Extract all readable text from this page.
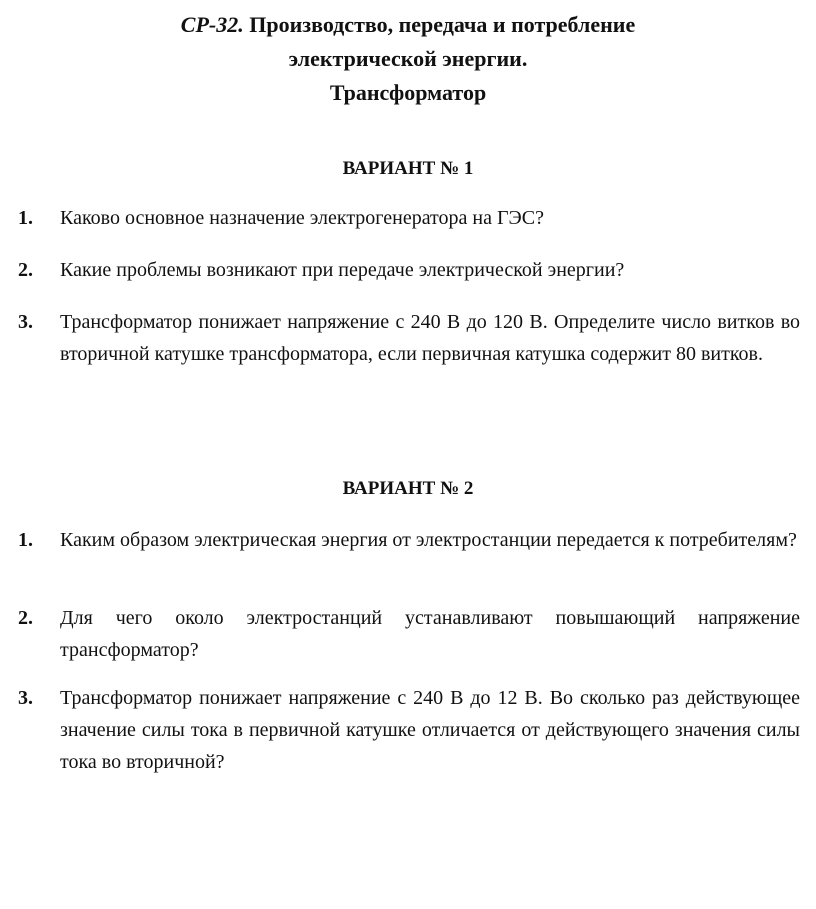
СР-32. Производство, передача и потребление
электрической энергии.
Трансформатор
ВАРИАНТ № 1
1. Каково основное назначение электрогенератора на ГЭС?
2. Какие проблемы возникают при передаче электрической энергии?
3. Трансформатор понижает напряжение с 240 В до 120 В. Определите число витков во вторичной катушке трансформатора, если первичная катушка содержит 80 витков.
ВАРИАНТ № 2
1. Каким образом электрическая энергия от электростанции передается к потребителям?
2. Для чего около электростанций устанавливают повышающий напряжение трансформатор?
3. Трансформатор понижает напряжение с 240 В до 12 В. Во сколько раз действующее значение силы тока в первичной катушке отличается от действующего значения силы тока во вторичной?
